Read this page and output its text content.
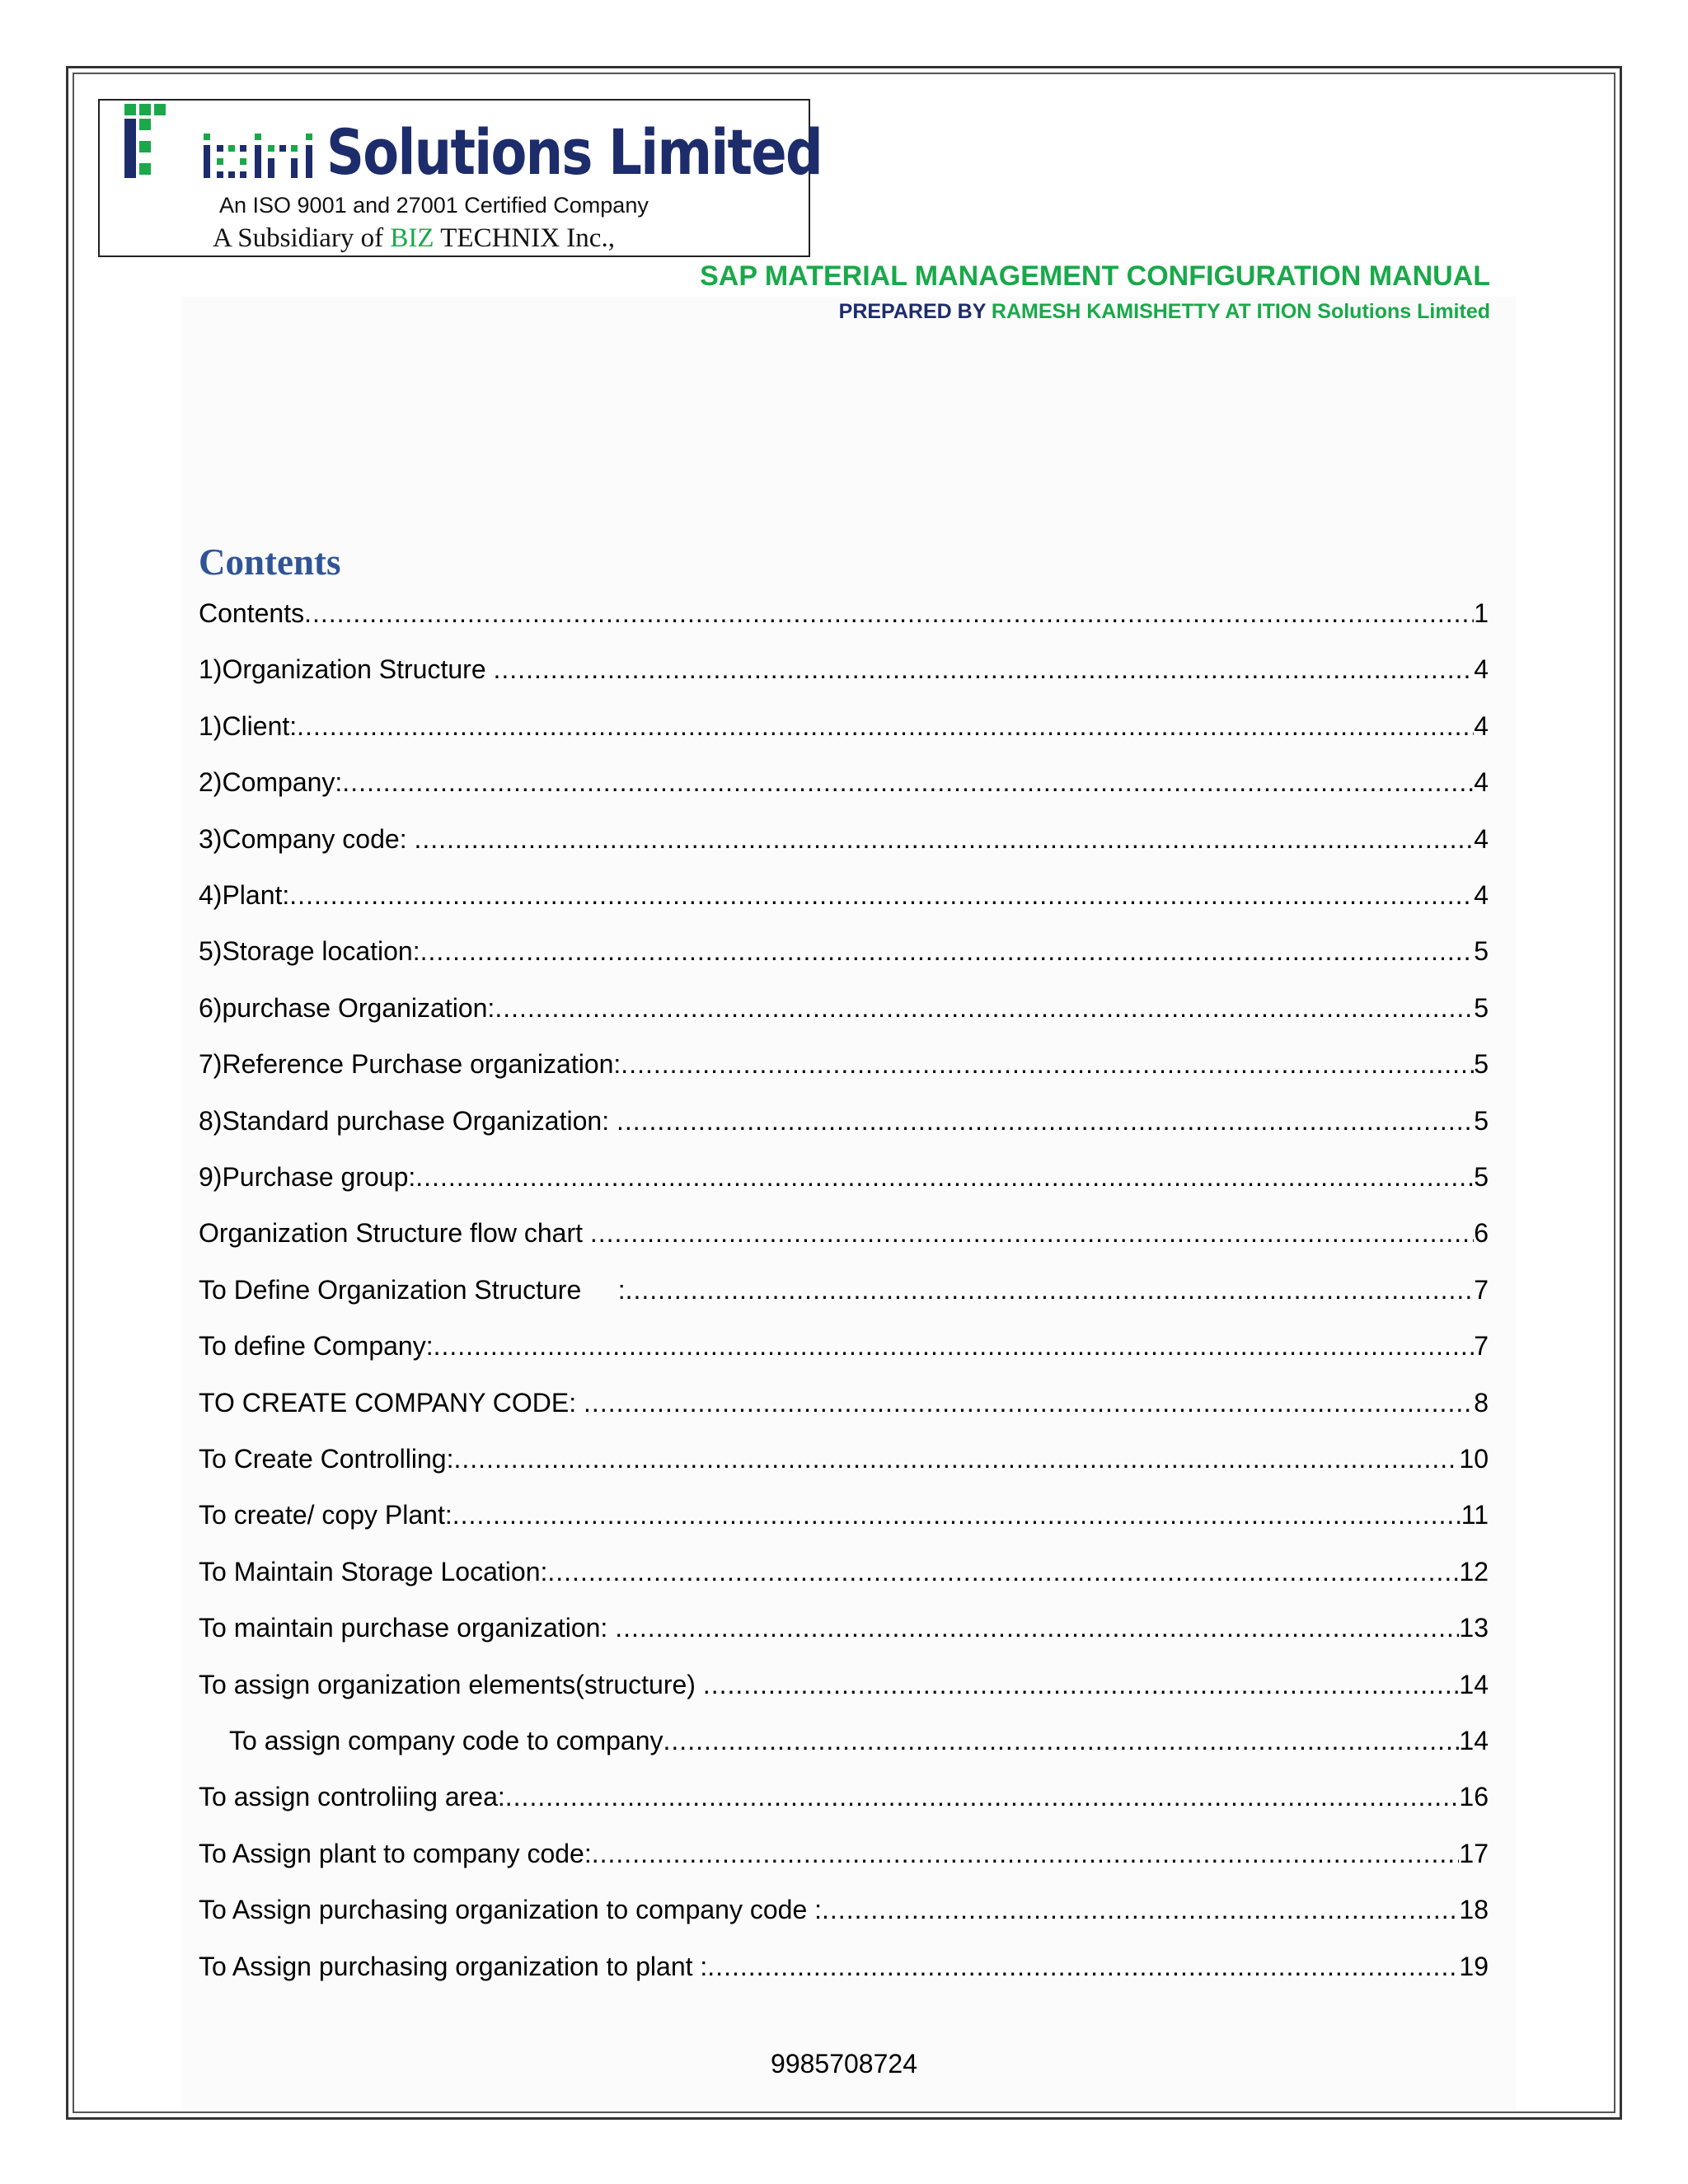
Solutions Limited
An ISO 9001 and 27001 Certified Company
A Subsidiary of BIZ TECHNIX Inc.,
SAP MATERIAL MANAGEMENT CONFIGURATION MANUAL
PREPARED BY RAMESH KAMISHETTY AT ITION Solutions Limited
Contents
Contents .....	1
1)Organization Structure .....	4
1)Client: .....	4
2)Company: .....	4
3)Company code: .....	4
4)Plant: .....	4
5)Storage location: .....	5
6)purchase Organization: .....	5
7)Reference Purchase organization: .....	5
8)Standard purchase Organization: .....	5
9)Purchase group: .....	5
Organization Structure flow chart .....	6
To Define Organization Structure     : .....	7
To define Company: .....	7
TO CREATE COMPANY CODE: .....	8
To Create Controlling: .....	10
To create/ copy Plant: .....	11
To Maintain Storage Location: .....	12
To maintain purchase organization: .....	13
To assign organization elements(structure) .....	14
To assign company code to company .....	14
To assign controliing area: .....	16
To Assign plant to company code: .....	17
To Assign purchasing organization to company code : .....	18
To Assign purchasing organization to plant : .....	19
9985708724
